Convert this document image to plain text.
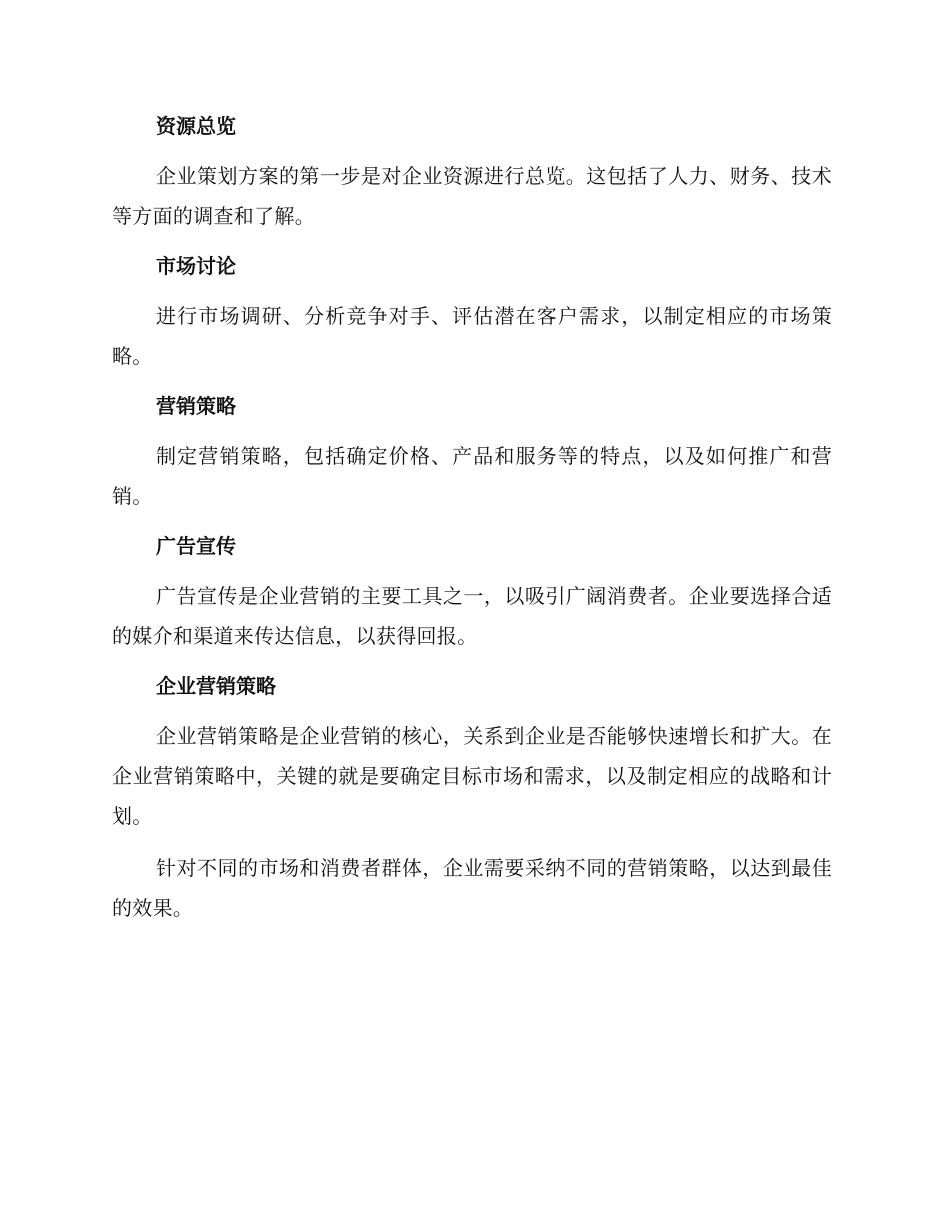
资源总览

企业策划方案的第一步是对企业资源进行总览。这包括了人力、财务、技术等方面的调查和了解。

市场讨论

进行市场调研、分析竞争对手、评估潜在客户需求，以制定相应的市场策略。

营销策略

制定营销策略，包括确定价格、产品和服务等的特点，以及如何推广和营销。

广告宣传

广告宣传是企业营销的主要工具之一，以吸引广阔消费者。企业要选择合适的媒介和渠道来传达信息，以获得回报。

企业营销策略

企业营销策略是企业营销的核心，关系到企业是否能够快速增长和扩大。在企业营销策略中，关键的就是要确定目标市场和需求，以及制定相应的战略和计划。

针对不同的市场和消费者群体，企业需要采纳不同的营销策略，以达到最佳的效果。
